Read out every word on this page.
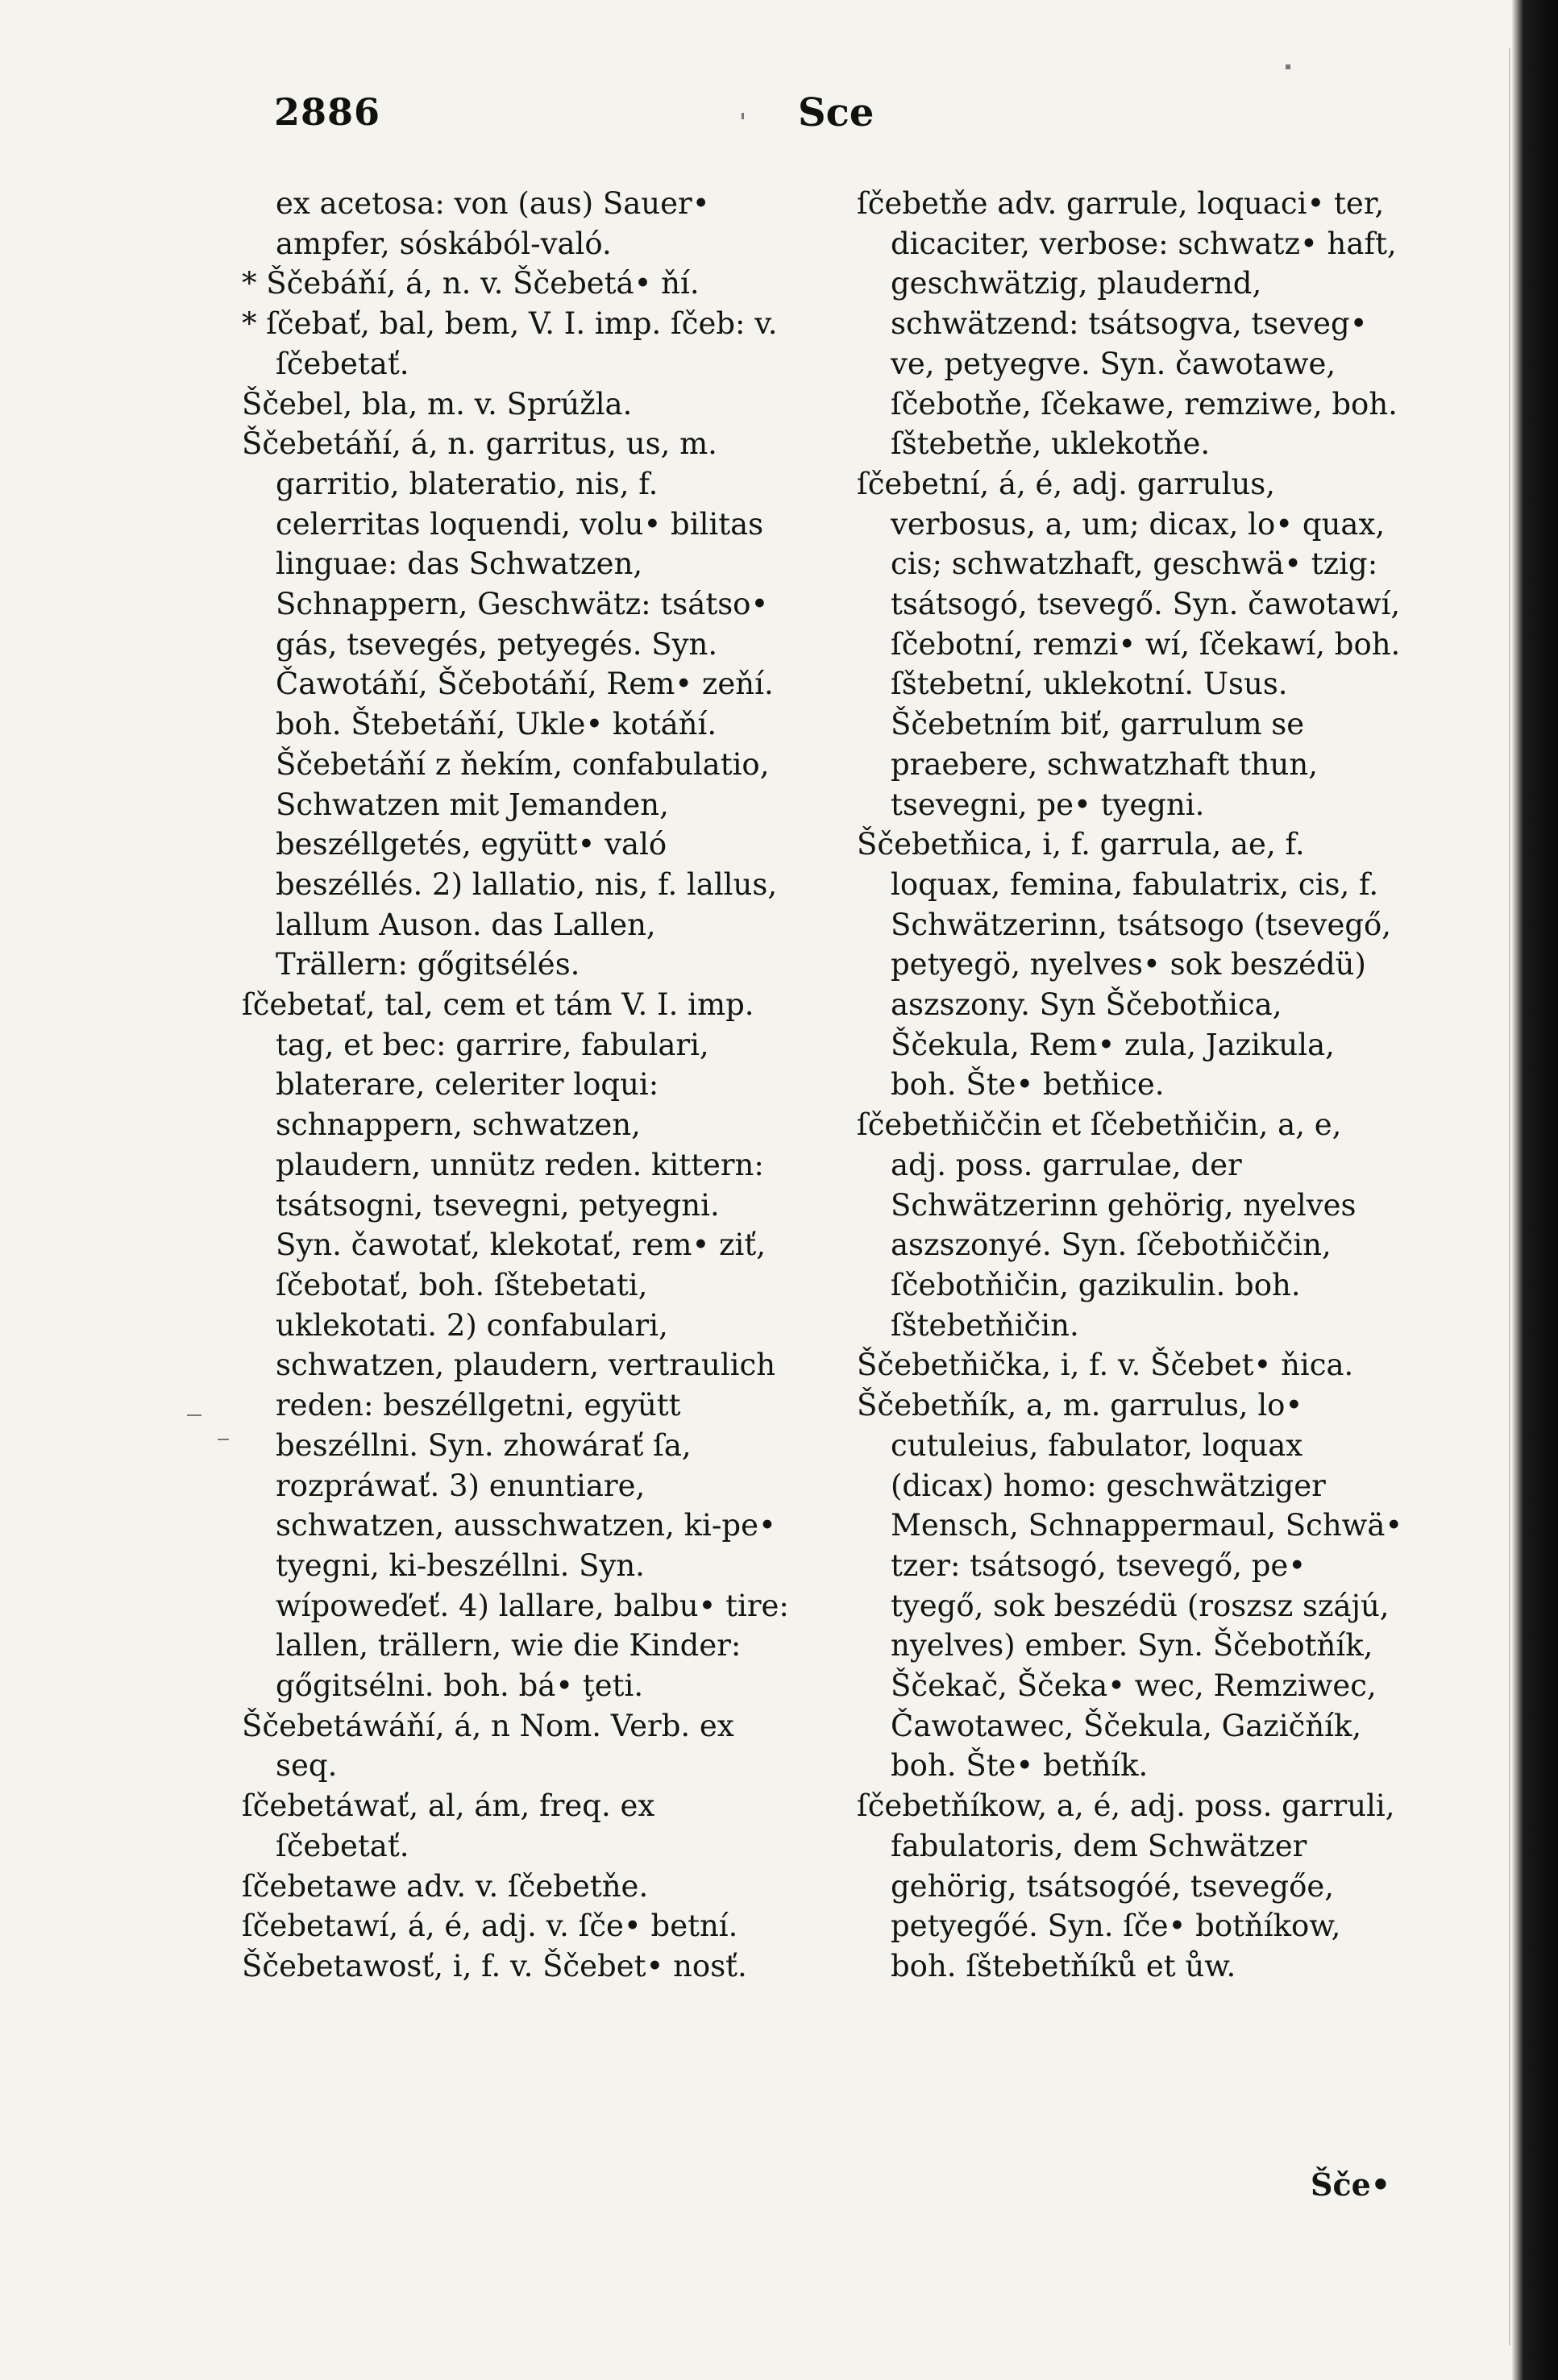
2886	Sce

ex acetosa: von (aus) Sauer• ampfer, sóskából-való.

* Ščebáňí, á, n. v. Ščebetá• ňí.

* ſčebať, bal, bem, V. I. imp. ſčeb: v. ſčebetať.

Ščebel, bla, m. v. Sprúžla.

Ščebetáňí, á, n. garritus, us, m. garritio, blateratio, nis, f. celerritas loquendi, volu• bilitas linguae: das Schwatzen, Schnappern, Geschwätz: tsátso• gás, tsevegés, petyegés. Syn. Čawotáňí, Ščebotáňí, Rem• zeňí. boh. Štebetáňí, Ukle• kotáňí. Ščebetáňí z ňekím, confabulatio, Schwatzen mit Jemanden, beszéllgetés, együtt• való beszéllés. 2) lallatio, nis, f. lallus, lallum Auson. das Lallen, Trällern: gőgitsélés.

ſčebetať, tal, cem et tám V. I. imp. tag, et bec: garrire, fabulari, blaterare, celeriter loqui: schnappern, schwatzen, plaudern, unnütz reden. kittern: tsátsogni, tsevegni, petyegni. Syn. čawotať, klekotať, rem• ziť, ſčebotať, boh. ſštebetati, uklekotati. 2) confabulari, schwatzen, plaudern, vertraulich reden: beszéllgetni, együtt beszéllni. Syn. zhowárať ſa, rozpráwať. 3) enuntiare, schwatzen, ausschwatzen, ki-pe• tyegni, ki-beszéllni. Syn. wípoweďeť. 4) lallare, balbu• tire: lallen, trällern, wie die Kinder: gőgitsélni. boh. bá• ţeti.

Ščebetáwáňí, á, n Nom. Verb. ex seq.

ſčebetáwať, al, ám, freq. ex ſčebetať.

ſčebetawe adv. v. ſčebetňe.

ſčebetawí, á, é, adj. v. ſče• betní.

Ščebetawosť, i, f. v. Ščebet• nosť.

ſčebetňe adv. garrule, loquaci• ter, dicaciter, verbose: schwatz• haft, geschwätzig, plaudernd, schwätzend: tsátsogva, tseveg• ve, petyegve. Syn. čawotawe, ſčebotňe, ſčekawe, remziwe, boh. ſštebetňe, uklekotňe.

ſčebetní, á, é, adj. garrulus, verbosus, a, um; dicax, lo• quax, cis; schwatzhaft, geschwä• tzig: tsátsogó, tsevegő. Syn. čawotawí, ſčebotní, remzi• wí, ſčekawí, boh. ſštebetní, uklekotní. Usus. Ščebetním biť, garrulum se praebere, schwatzhaft thun, tsevegni, pe• tyegni.

Ščebetňica, i, f. garrula, ae, f. loquax, femina, fabulatrix, cis, f. Schwätzerinn, tsátsogo (tsevegő, petyegö, nyelves• sok beszédü) aszszony. Syn Ščebotňica, Ščekula, Rem• zula, Jazikula, boh. Šte• betňice.

ſčebetňiččin et ſčebetňičin, a, e, adj. poss. garrulae, der Schwätzerinn gehörig, nyelves aszszonyé. Syn. ſčebotňiččin, ſčebotňičin, gazikulin. boh. ſštebetňičin.

Ščebetňička, i, f. v. Ščebet• ňica.

Ščebetňík, a, m. garrulus, lo• cutuleius, fabulator, loquax (dicax) homo: geschwätziger Mensch, Schnappermaul, Schwä• tzer: tsátsogó, tsevegő, pe• tyegő, sok beszédü (roszsz szájú, nyelves) ember. Syn. Ščebotňík, Ščekač, Ščeka• wec, Remziwec, Čawotawec, Ščekula, Gazičňík, boh. Šte• betňík.

ſčebetňíkow, a, é, adj. poss. garruli, fabulatoris, dem Schwätzer gehörig, tsátsogóé, tsevegőe, petyegőé. Syn. ſče• botňíkow, boh. ſštebetňíků et ůw.

Šče•
